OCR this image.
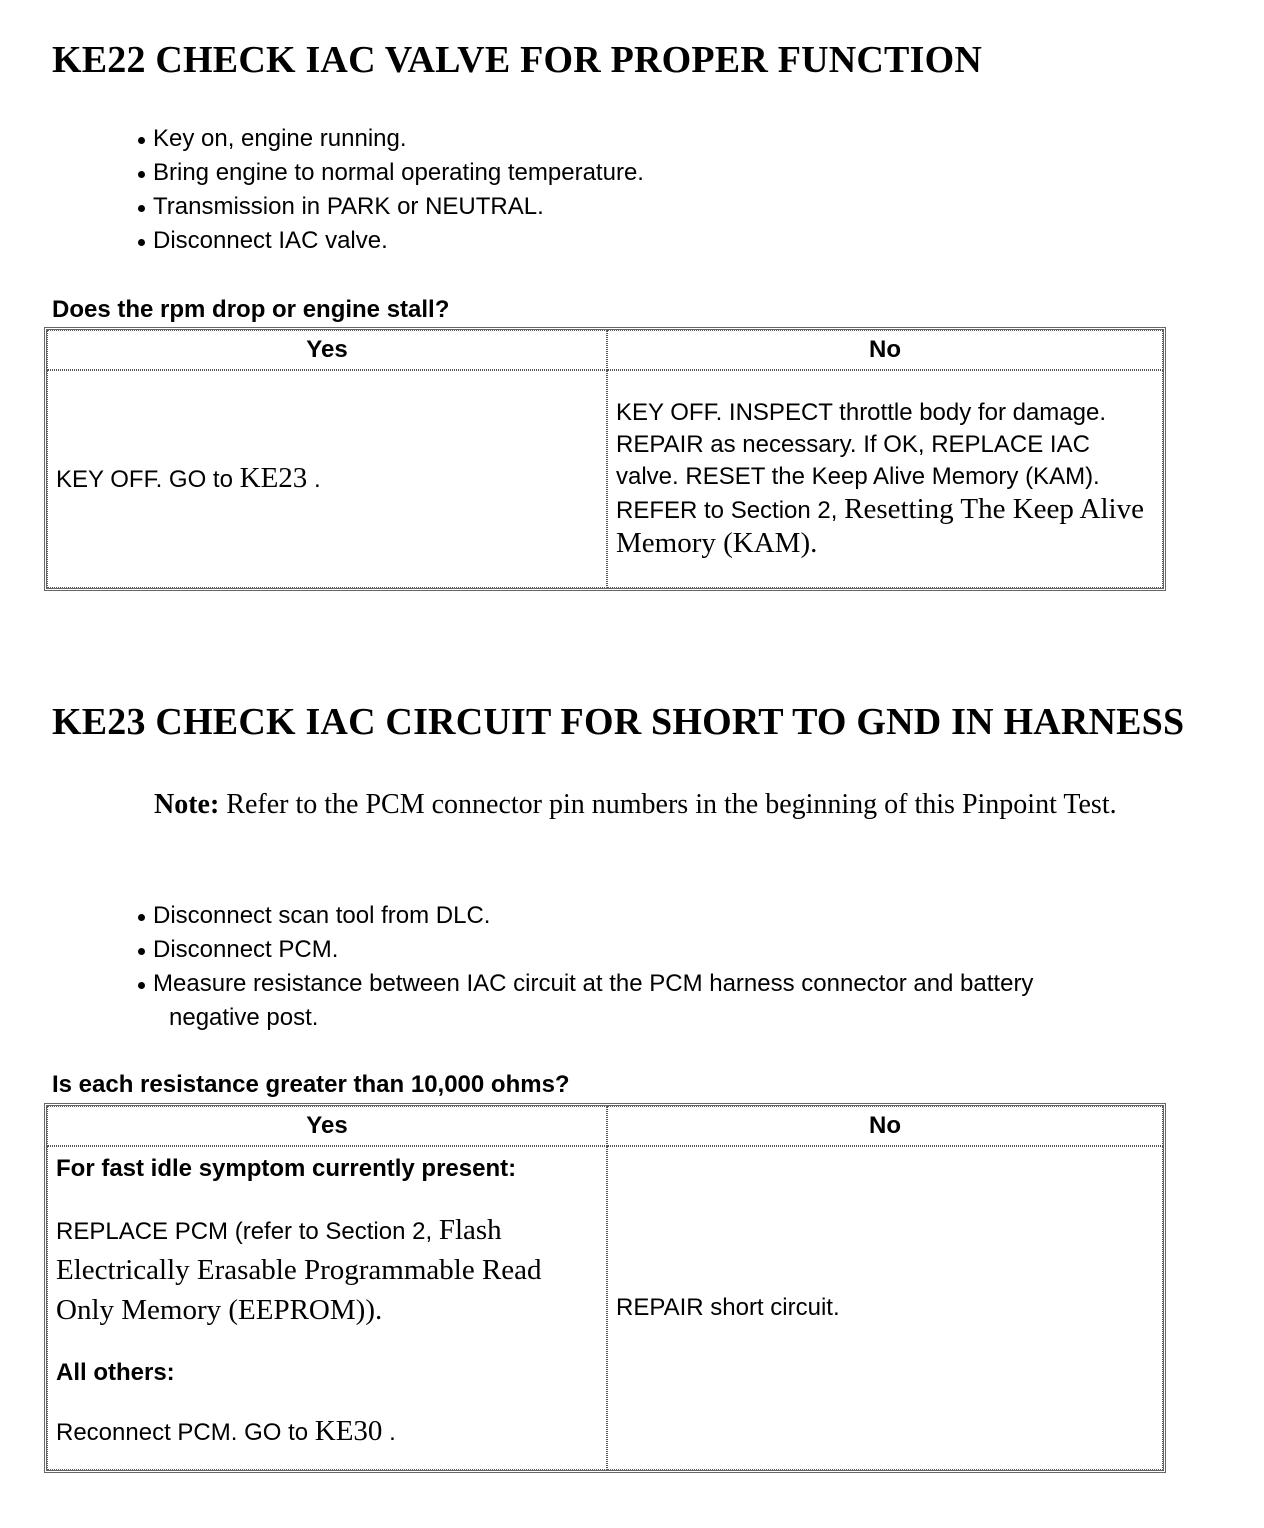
KE22 CHECK IAC VALVE FOR PROPER FUNCTION
Key on, engine running.
Bring engine to normal operating temperature.
Transmission in PARK or NEUTRAL.
Disconnect IAC valve.

Does the rpm drop or engine stall?

Yes	No
KEY OFF. GO to KE23 .	KEY OFF. INSPECT throttle body for damage. REPAIR as necessary. If OK, REPLACE IAC valve. RESET the Keep Alive Memory (KAM). REFER to Section 2, Resetting The Keep Alive Memory (KAM).
KE23 CHECK IAC CIRCUIT FOR SHORT TO GND IN HARNESS

Note: Refer to the PCM connector pin numbers in the beginning of this Pinpoint Test.

Disconnect scan tool from DLC.
Disconnect PCM.
Measure resistance between IAC circuit at the PCM harness connector and battery
negative post.

Is each resistance greater than 10,000 ohms?

Yes	No

For fast idle symptom currently present:
REPLACE PCM (refer to Section 2, Flash Electrically Erasable Programmable Read Only Memory (EEPROM)).
All others:
Reconnect PCM. GO to KE30 .	REPAIR short circuit.
